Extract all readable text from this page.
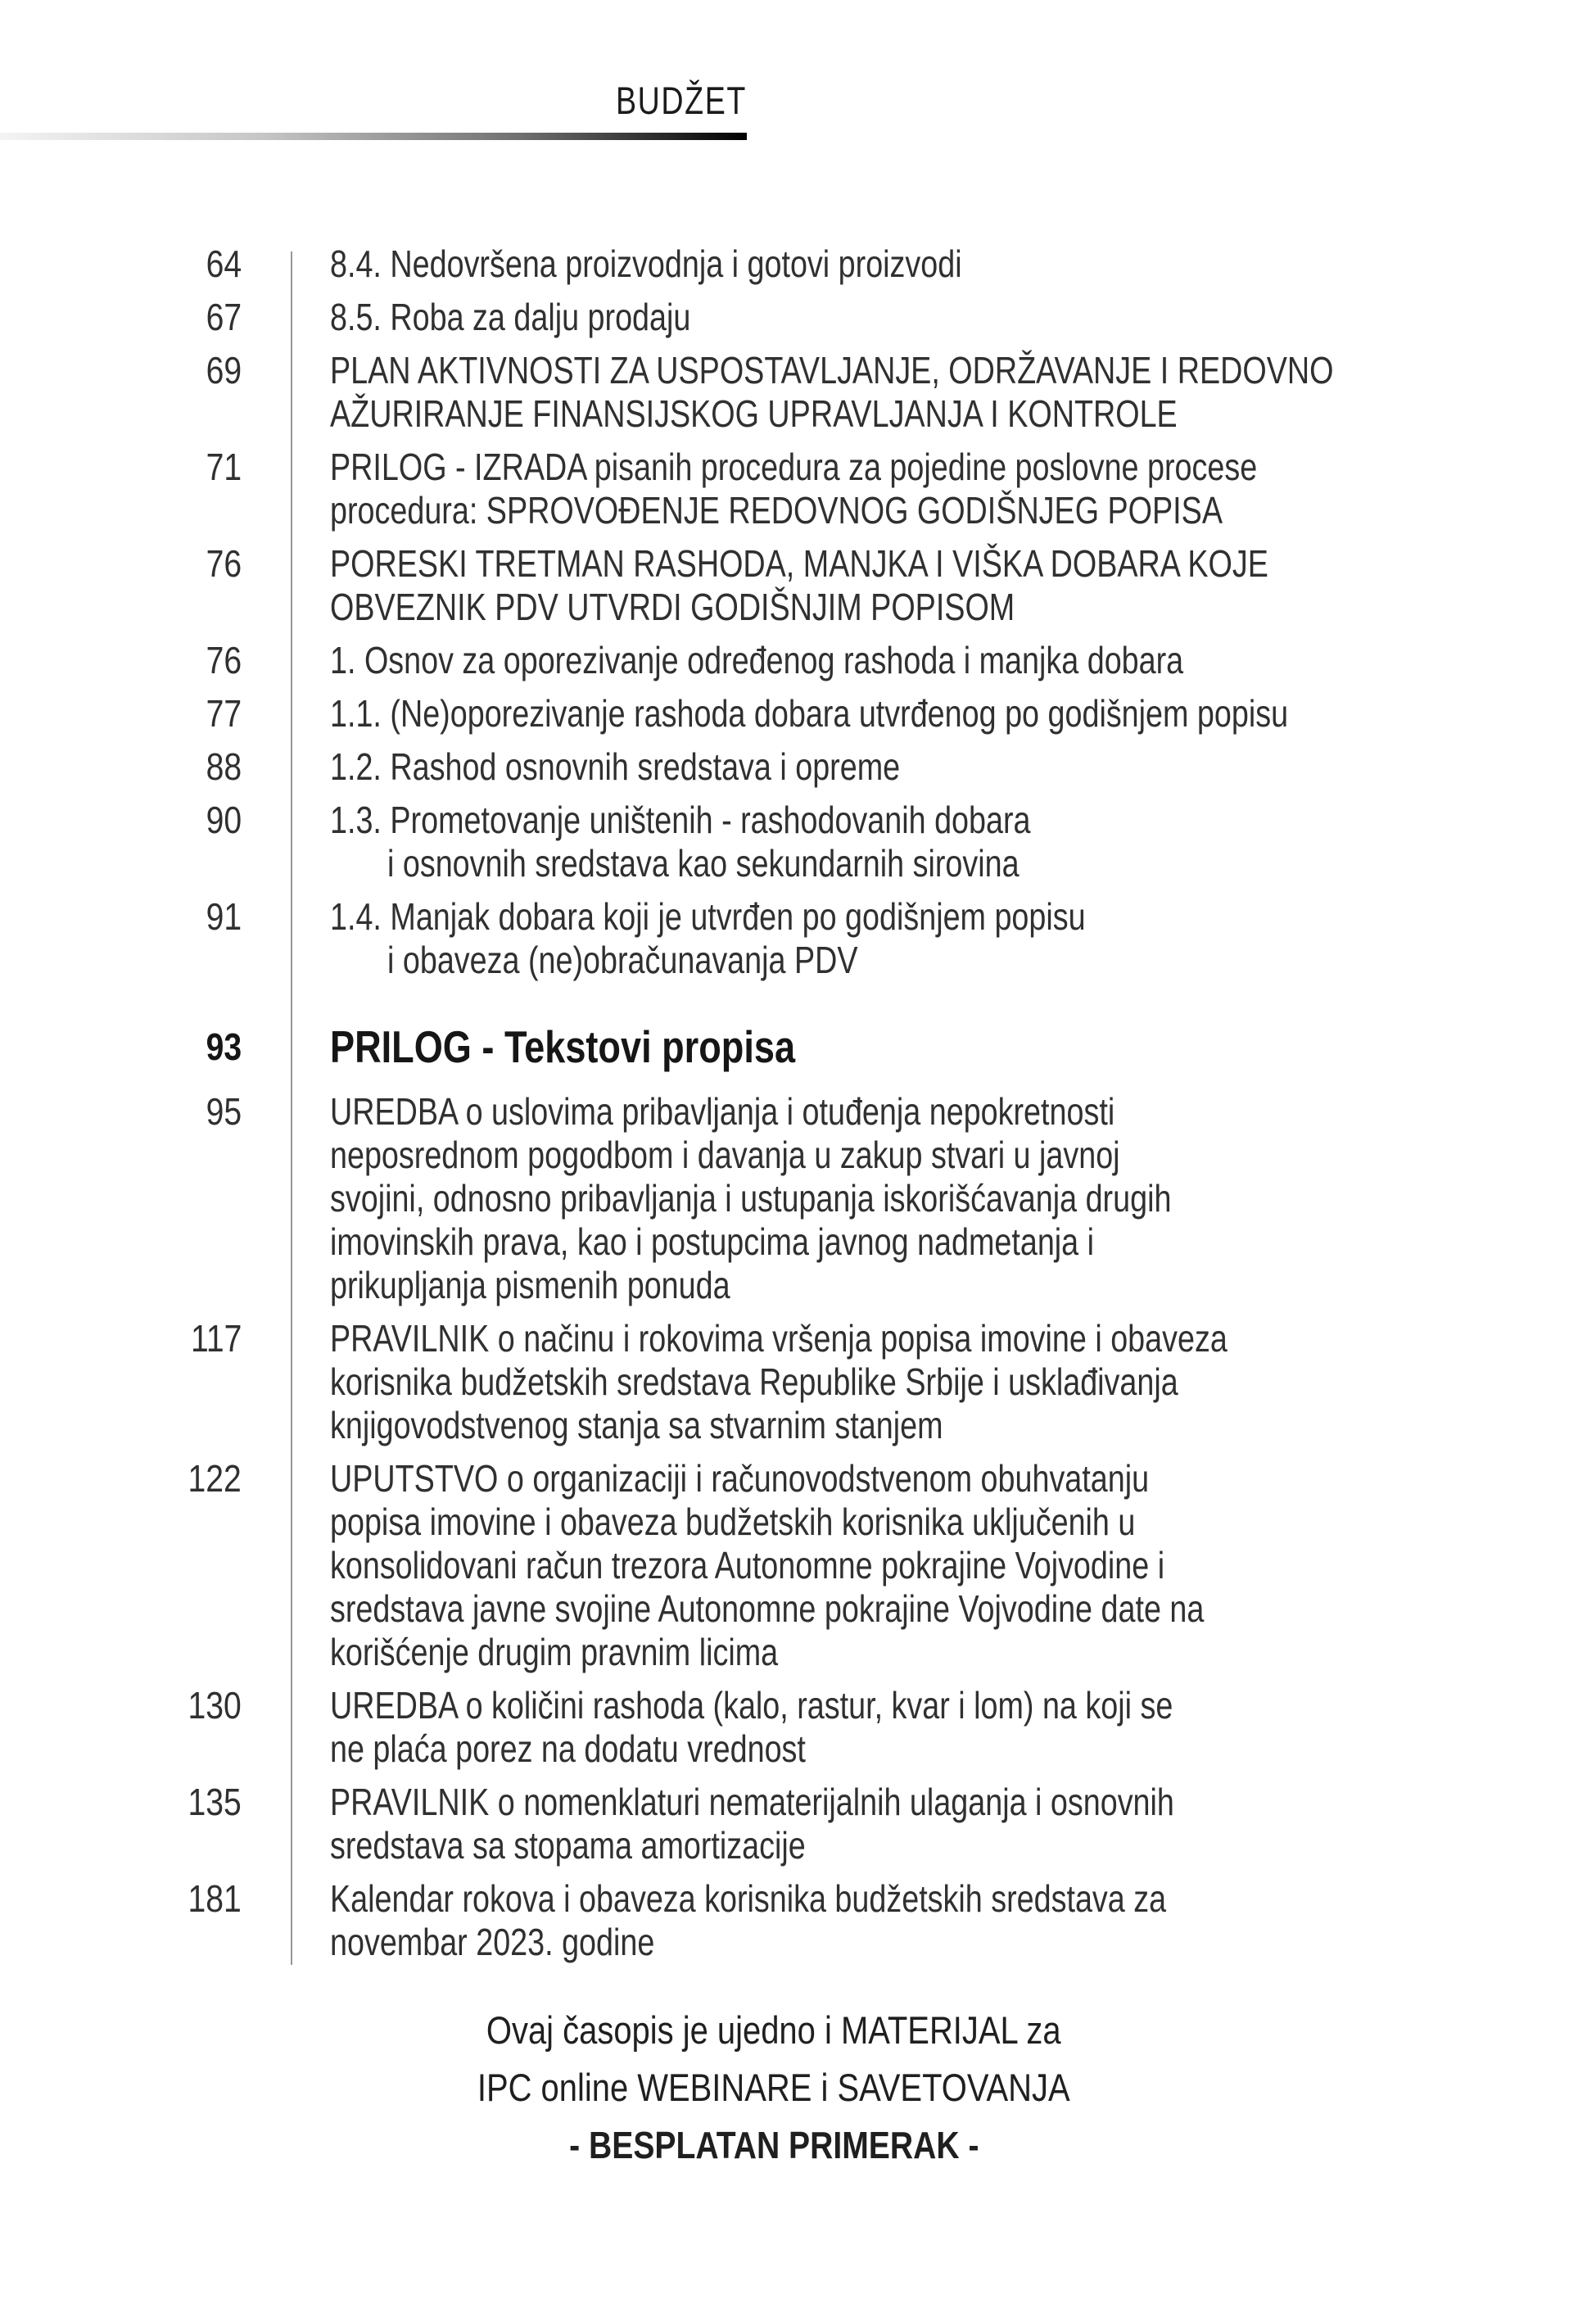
BUDŽET
64 8.4. Nedovršena proizvodnja i gotovi proizvodi
67 8.5. Roba za dalju prodaju
69 PLAN AKTIVNOSTI ZA USPOSTAVLJANJE, ODRŽAVANJE I REDOVNO
AŽURIRANJE FINANSIJSKOG UPRAVLJANJA I KONTROLE
71 PRILOG - IZRADA pisanih procedura za pojedine poslovne procese
procedura: SPROVOĐENJE REDOVNOG GODIŠNJEG POPISA
76 PORESKI TRETMAN RASHODA, MANJKA I VIŠKA DOBARA KOJE
OBVEZNIK PDV UTVRDI GODIŠNJIM POPISOM
76 1. Osnov za oporezivanje određenog rashoda i manjka dobara
77 1.1. (Ne)oporezivanje rashoda dobara utvrđenog po godišnjem popisu
88 1.2. Rashod osnovnih sredstava i opreme
90 1.3. Prometovanje uništenih - rashodovanih dobara
i osnovnih sredstava kao sekundarnih sirovina
91 1.4. Manjak dobara koji je utvrđen po godišnjem popisu
i obaveza (ne)obračunavanja PDV
93 PRILOG - Tekstovi propisa
95 UREDBA o uslovima pribavljanja i otuđenja nepokretnosti
neposrednom pogodbom i davanja u zakup stvari u javnoj
svojini, odnosno pribavljanja i ustupanja iskorišćavanja drugih
imovinskih prava, kao i postupcima javnog nadmetanja i
prikupljanja pismenih ponuda
117 PRAVILNIK o načinu i rokovima vršenja popisa imovine i obaveza
korisnika budžetskih sredstava Republike Srbije i usklađivanja
knjigovodstvenog stanja sa stvarnim stanjem
122 UPUTSTVO o organizaciji i računovodstvenom obuhvatanju
popisa imovine i obaveza budžetskih korisnika uključenih u
konsolidovani račun trezora Autonomne pokrajine Vojvodine i
sredstava javne svojine Autonomne pokrajine Vojvodine date na
korišćenje drugim pravnim licima
130 UREDBA o količini rashoda (kalo, rastur, kvar i lom) na koji se
ne plaća porez na dodatu vrednost
135 PRAVILNIK o nomenklaturi nematerijalnih ulaganja i osnovnih
sredstava sa stopama amortizacije
181 Kalendar rokova i obaveza korisnika budžetskih sredstava za
novembar 2023. godine
Ovaj časopis je ujedno i MATERIJAL za
IPC online WEBINARE i SAVETOVANJA
- BESPLATAN PRIMERAK -
